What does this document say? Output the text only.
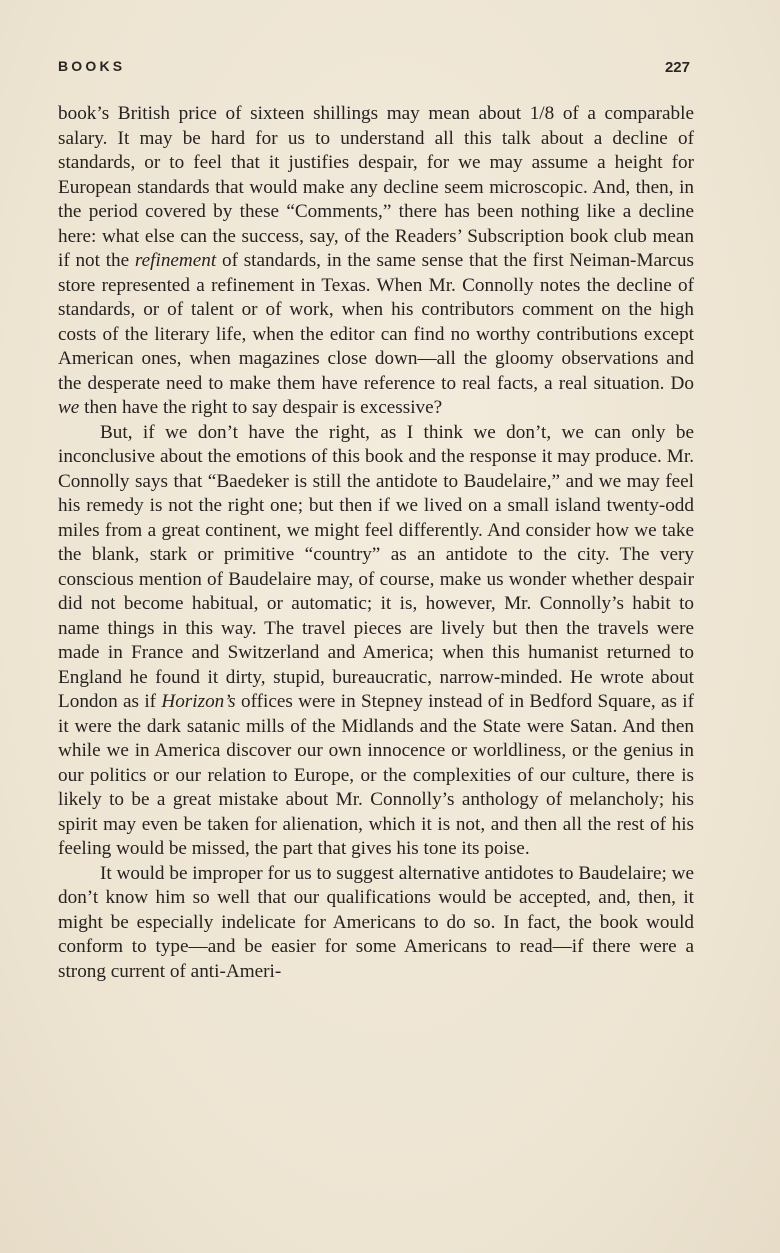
BOOKS	227

book’s British price of sixteen shillings may mean about 1/8 of a comparable salary. It may be hard for us to understand all this talk about a decline of standards, or to feel that it justifies despair, for we may assume a height for European standards that would make any decline seem microscopic. And, then, in the period covered by these “Comments,” there has been nothing like a decline here: what else can the success, say, of the Readers’ Subscription book club mean if not the refinement of standards, in the same sense that the first Neiman-Marcus store represented a refinement in Texas. When Mr. Connolly notes the decline of standards, or of talent or of work, when his contributors comment on the high costs of the literary life, when the editor can find no worthy contributions except American ones, when magazines close down—all the gloomy observations and the desperate need to make them have reference to real facts, a real situation. Do we then have the right to say despair is excessive?

But, if we don’t have the right, as I think we don’t, we can only be inconclusive about the emotions of this book and the response it may produce. Mr. Connolly says that “Baedeker is still the antidote to Baudelaire,” and we may feel his remedy is not the right one; but then if we lived on a small island twenty-odd miles from a great continent, we might feel differently. And consider how we take the blank, stark or primitive “country” as an antidote to the city. The very conscious mention of Baudelaire may, of course, make us wonder whether despair did not become habitual, or automatic; it is, however, Mr. Connolly’s habit to name things in this way. The travel pieces are lively but then the travels were made in France and Switzerland and America; when this humanist returned to England he found it dirty, stupid, bureaucratic, narrow-minded. He wrote about London as if Horizon’s offices were in Stepney instead of in Bedford Square, as if it were the dark satanic mills of the Midlands and the State were Satan. And then while we in America discover our own innocence or worldliness, or the genius in our politics or our relation to Europe, or the complexities of our culture, there is likely to be a great mistake about Mr. Connolly’s anthology of melancholy; his spirit may even be taken for alienation, which it is not, and then all the rest of his feeling would be missed, the part that gives his tone its poise.

It would be improper for us to suggest alternative antidotes to Baudelaire; we don’t know him so well that our qualifications would be accepted, and, then, it might be especially indelicate for Americans to do so. In fact, the book would conform to type—and be easier for some Americans to read—if there were a strong current of anti-Ameri-
